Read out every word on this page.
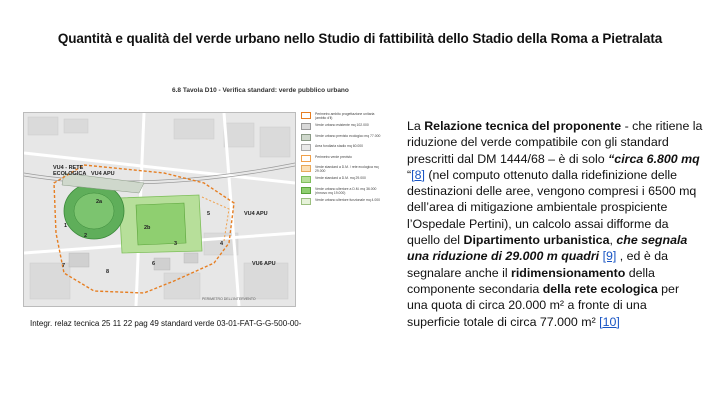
Quantità e qualità del verde urbano nello Studio di fattibilità dello Stadio della Roma a Pietralata
6.8 Tavola D10 - Verifica standard: verde pubblico urbano
VU4 - RETE
ECOLOGICA VU4 APU
VU4 APU
VU6 APU
2a
2b
3	4
5
6
7
8
2
1
PERIMETRO DELL'INTERVENTO
Perimetro ambito progettazione unitaria (ambito d'll)
Verde urbano esistente mq 102.000
Verde urbano previsto ecologico mq 77.000
Area fondiaria stadio mq 60.000
Perimetro verde previsto
Verde standard a D.M. / rete ecologica mq 29.000
Verde standard a D.M. mq 29.000
Verde urbano ulteriore a D.M. mq 36.000 (rinnovo mq 19.000)
Verde urbano ulteriore funzionale mq 4.000
La Relazione tecnica del proponente - che ritiene la riduzione del verde compatibile con gli standard prescritti dal DM 1444/68 – è di solo “circa 6.800 mq “[8] (nel computo ottenuto dalla ridefinizione delle destinazioni delle aree, vengono compresi i 6500 mq dell’area di mitigazione ambientale prospiciente l’Ospedale Pertini), un calcolo assai difforme da quello del Dipartimento urbanistica, che segnala una riduzione di 29.000 m quadri [9] , ed è da segnalare anche il ridimensionamento della componente secondaria della rete ecologica per una quota di circa 20.000 m² a fronte di una superficie totale di circa 77.000 m² [10]
Integr. relaz tecnica 25 11 22 pag 49 standard verde 03-01-FAT-G-G-500-00-
